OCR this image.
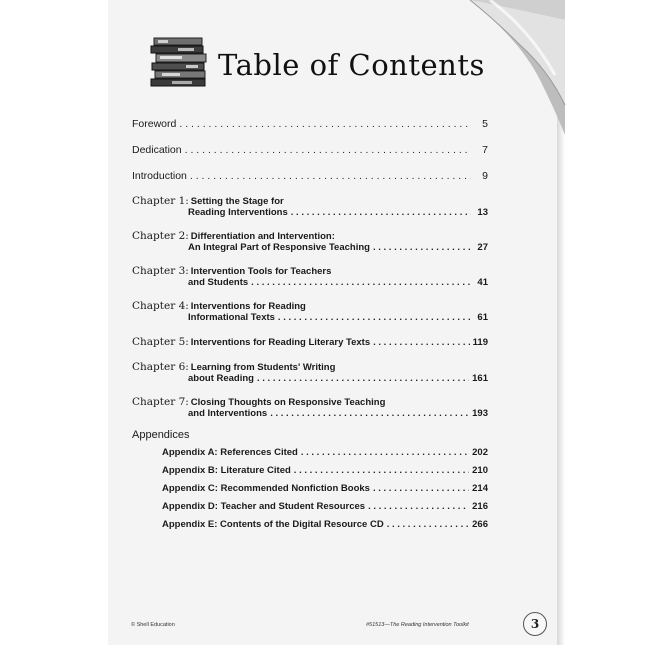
Table of Contents
Foreword . . .	5
Dedication . . .	7
Introduction . . .	9
Chapter 1: Setting the Stage for
Reading Interventions . . .	13
Chapter 2: Differentiation and Intervention:
An Integral Part of Responsive Teaching . . .	27
Chapter 3: Intervention Tools for Teachers
and Students . . .	41
Chapter 4: Interventions for Reading
Informational Texts . . .	61
Chapter 5: Interventions for Reading Literary Texts . . .	119
Chapter 6: Learning from Students' Writing
about Reading . . .	161
Chapter 7: Closing Thoughts on Responsive Teaching
and Interventions . . .	193
Appendices
Appendix A: References Cited . . .	202
Appendix B: Literature Cited . . .	210
Appendix C: Recommended Nonfiction Books . . .	214
Appendix D: Teacher and Student Resources . . .	216
Appendix E: Contents of the Digital Resource CD . . .	266
© Shell Education	#51513—The Reading Intervention Toolkit	3
